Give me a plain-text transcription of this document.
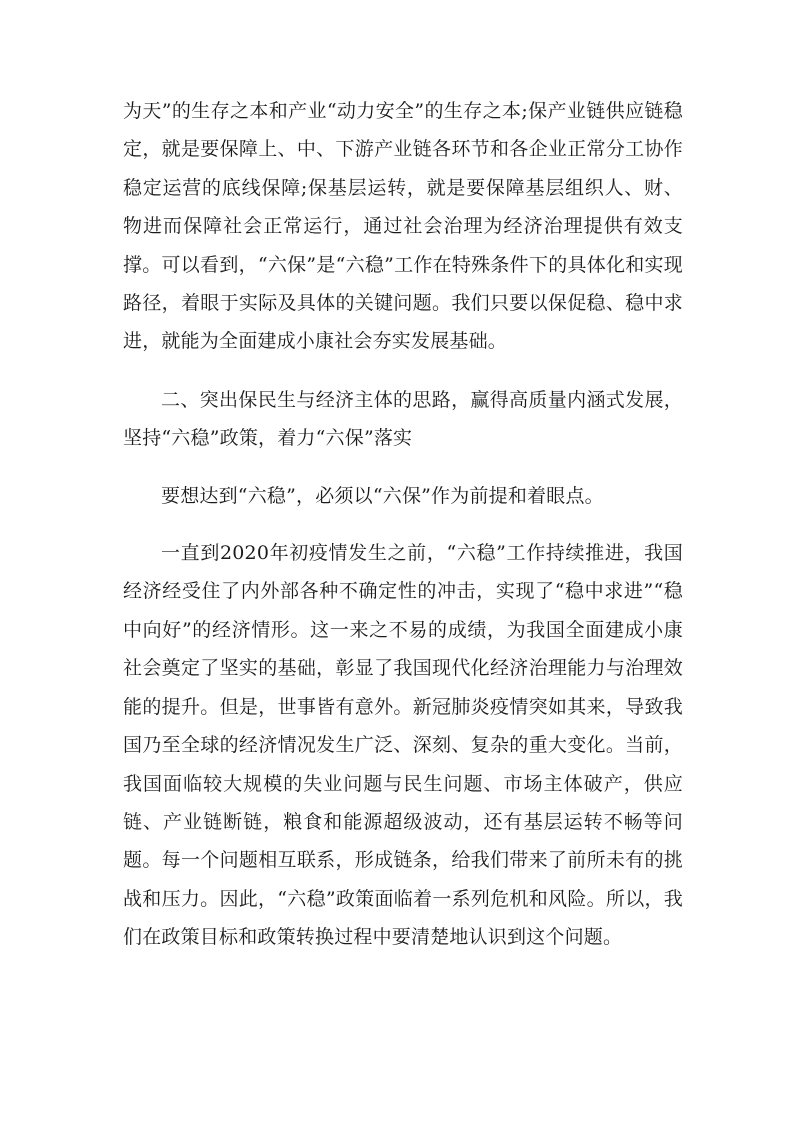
为天”的生存之本和产业“动力安全”的生存之本;保产业链供应链稳定，就是要保障上、中、下游产业链各环节和各企业正常分工协作稳定运营的底线保障;保基层运转，就是要保障基层组织人、财、物进而保障社会正常运行，通过社会治理为经济治理提供有效支撑。可以看到，“六保”是“六稳”工作在特殊条件下的具体化和实现路径，着眼于实际及具体的关键问题。我们只要以保促稳、稳中求进，就能为全面建成小康社会夯实发展基础。

二、突出保民生与经济主体的思路，赢得高质量内涵式发展，坚持“六稳”政策，着力“六保”落实

要想达到“六稳”，必须以“六保”作为前提和着眼点。

一直到2020年初疫情发生之前，“六稳”工作持续推进，我国经济经受住了内外部各种不确定性的冲击，实现了“稳中求进”“稳中向好”的经济情形。这一来之不易的成绩，为我国全面建成小康社会奠定了坚实的基础，彰显了我国现代化经济治理能力与治理效能的提升。但是，世事皆有意外。新冠肺炎疫情突如其来，导致我国乃至全球的经济情况发生广泛、深刻、复杂的重大变化。当前，我国面临较大规模的失业问题与民生问题、市场主体破产，供应链、产业链断链，粮食和能源超级波动，还有基层运转不畅等问题。每一个问题相互联系，形成链条，给我们带来了前所未有的挑战和压力。因此，“六稳”政策面临着一系列危机和风险。所以，我们在政策目标和政策转换过程中要清楚地认识到这个问题。
